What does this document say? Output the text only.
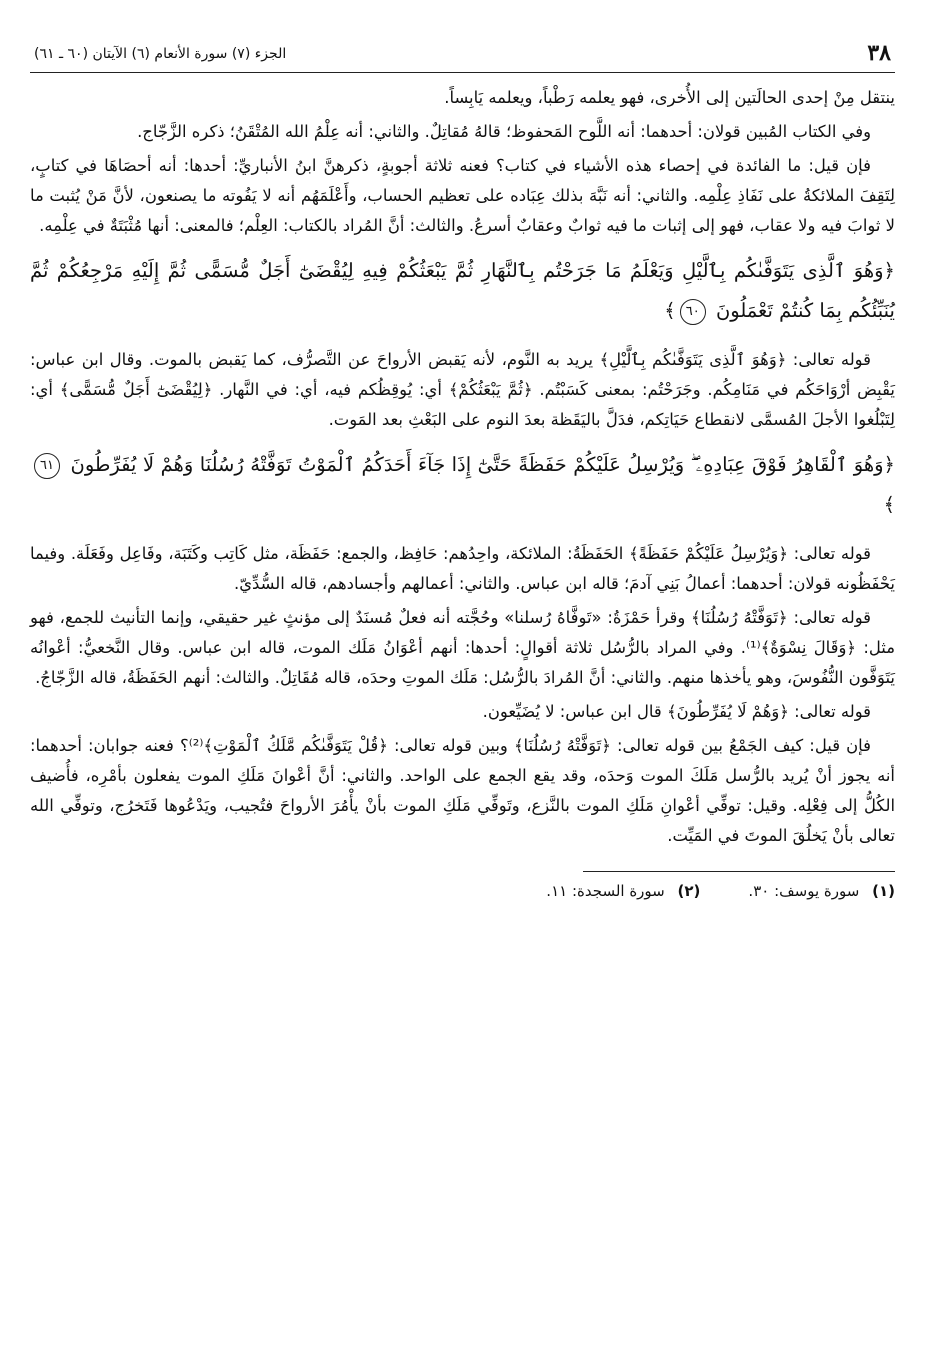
٣٨
الجزء (٧) سورة الأنعام (٦) الآيتان (٦٠ ـ ٦١)

ينتقل مِنْ إحدى الحالَتين إلى الأُخرى، فهو يعلمه رَطْباً، ويعلمه يَابِساً.

وفي الكتاب المُبين قولان: أحدهما: أنه اللَّوح المَحفوظ؛ قالهُ مُقاتِلٌ. والثاني: أنه عِلْمُ الله المُتْقَنُ؛ ذكره الزَّجّاج.

فإن قيل: ما الفائدة في إحصاء هذه الأشياء في كتاب؟ فعنه ثلاثة أجوبةٍ، ذكرهنَّ ابنُ الأنباريِّ: أحدها: أنه أحصَاهَا في كتابٍ، لِتَقِفَ الملائكةُ على نَفَاذِ عِلْمِه. والثاني: أنه نَبَّهَ بذلك عِبَاده على تعظيم الحساب، وأَعْلَمَهُم أنه لا يَفُوته ما يصنعون، لأنَّ مَنْ يُثبت ما لا ثوابَ فيه ولا عقاب، فهو إلى إثبات ما فيه ثوابٌ وعقابٌ أسرعُ. والثالث: أنَّ المُراد بالكتاب: العِلْم؛ فالمعنى: أنها مُثْبَتَةٌ في عِلْمِه.

﴿وَهُوَ ٱلَّذِى يَتَوَفَّىٰكُم بِٱلَّيْلِ وَيَعْلَمُ مَا جَرَحْتُم بِٱلنَّهَارِ ثُمَّ يَبْعَثُكُمْ فِيهِ لِيُقْضَىٰٓ أَجَلٌ مُّسَمًّى ثُمَّ إِلَيْهِ مَرْجِعُكُمْ ثُمَّ يُنَبِّئُكُم بِمَا كُنتُمْ تَعْمَلُونَ ٦٠﴾

قوله تعالى: ﴿وَهُوَ ٱلَّذِى يَتَوَفَّىٰكُم بِٱلَّيْلِ﴾ يريد به النَّوم، لأنه يَقبض الأرواحَ عن التَّصرُّف، كما يَقبض بالموت. وقال ابن عباس: يَقْبِض أرْوَاحَكُم في مَنَامِكُم. وجَرَحْتُم: بمعنى كَسَبْتُم. ﴿ثُمَّ يَبْعَثُكُمْ﴾ أي: يُوقِظُكم فيه، أي: في النَّهار. ﴿لِيُقْضَىٰٓ أَجَلٌ مُّسَمًّى﴾ أي: لِتَبْلُغوا الأجلَ المُسمَّى لانقطاع حَيَاتِكم، فدَلَّ باليَقَظة بعدَ النوم على البَعْثِ بعد المَوت.

﴿وَهُوَ ٱلْقَاهِرُ فَوْقَ عِبَادِهِۦ ۖ وَيُرْسِلُ عَلَيْكُمْ حَفَظَةً حَتَّىٰٓ إِذَا جَآءَ أَحَدَكُمُ ٱلْمَوْتُ تَوَفَّتْهُ رُسُلُنَا وَهُمْ لَا يُفَرِّطُونَ ٦١﴾

قوله تعالى: ﴿وَيُرْسِلُ عَلَيْكُمْ حَفَظَةً﴾ الحَفَظَةُ: الملائكة، واحِدُهم: حَافِظ، والجمع: حَفَظَة، مثل كَاتِب وكَتَبَة، وفَاعِل وفَعَلَة. وفيما يَحْفَظُونه قولان: أحدهما: أعمالُ بَنِي آدمَ؛ قاله ابن عباس. والثاني: أعمالهم وأجسادهم، قاله السُّدِّيّ.

قوله تعالى: ﴿تَوَفَّتْهُ رُسُلُنَا﴾ وقرأ حَمْزَةُ: «تَوفَّاهُ رُسلنا» وحُجَّته أنه فعلٌ مُسنَدٌ إلى مؤنثٍ غير حقيقي، وإنما التأنيث للجمع، فهو مثل: ﴿وَقَالَ نِسْوَةٌ﴾⁽¹⁾. وفي المراد بالرُّسُل ثلاثة أقوالٍ: أحدها: أنهم أعْوَانُ مَلَك الموت، قاله ابن عباس. وقال النَّخعيُّ: أعْوانُه يَتَوَفَّون النُّفُوسَ، وهو يأخذها منهم. والثاني: أنَّ المُرادَ بالرُّسُل: مَلَك الموتِ وحدَه، قاله مُقَاتِلٌ. والثالث: أنهم الحَفَظَةُ، قاله الزَّجّاجُ.

قوله تعالى: ﴿وَهُمْ لَا يُفَرِّطُونَ﴾ قال ابن عباس: لا يُضَيِّعون.

فإن قيل: كيف الجَمْعُ بين قوله تعالى: ﴿تَوَفَّتْهُ رُسُلُنَا﴾ وبين قوله تعالى: ﴿قُلْ يَتَوَفَّىٰكُم مَّلَكُ ٱلْمَوْتِ﴾⁽²⁾؟ فعنه جوابان: أحدهما: أنه يجوز أنْ يُريد بالرُّسل مَلَكَ الموت وَحدَه، وقد يقع الجمع على الواحد. والثاني: أنَّ أعْوانَ مَلَكِ الموت يفعلون بأمْرِه، فأُضيف الكُلُّ إلى فِعْلِه. وقيل: توفِّي أعْوانِ مَلَكِ الموت بالنَّزع، وتَوفِّي مَلَكِ الموت بأنْ يأْمُرَ الأرواحَ فتُجيب، ويَدْعُوها فَتَخرُج، وتوفِّي الله تعالى بأنْ يَخلُقَ الموتَ في المَيِّت.

(١) سورة يوسف: ٣٠.
(٢) سورة السجدة: ١١.
